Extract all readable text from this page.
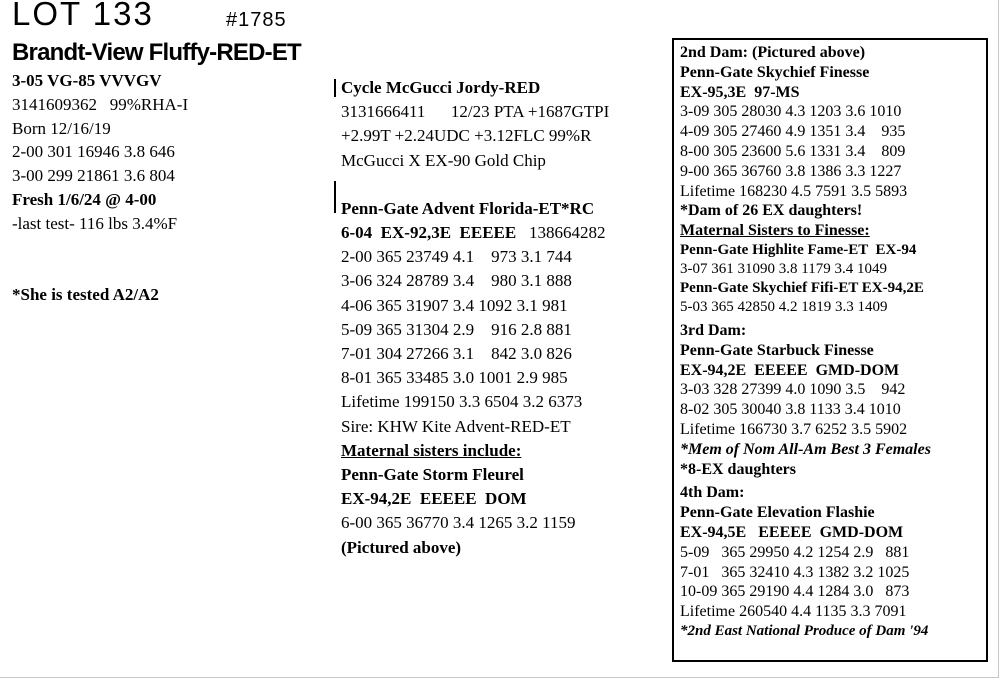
LOT 133	#1785
Brandt-View Fluffy-RED-ET
3-05 VG-85 VVVGV
3141609362   99%RHA-I
Born 12/16/19
2-00 301 16946 3.8 646
3-00 299 21861 3.6 804
Fresh 1/6/24 @ 4-00
-last test- 116 lbs 3.4%F
*She is tested A2/A2
Cycle McGucci Jordy-RED
3131666411      12/23 PTA +1687GTPI
+2.99T +2.24UDC +3.12FLC 99%R
McGucci X EX-90 Gold Chip
Penn-Gate Advent Florida-ET*RC
6-04  EX-92,3E  EEEEE 138664282
2-00 365 23749 4.1    973 3.1 744
3-06 324 28789 3.4    980 3.1 888
4-06 365 31907 3.4 1092 3.1 981
5-09 365 31304 2.9    916 2.8 881
7-01 304 27266 3.1    842 3.0 826
8-01 365 33485 3.0 1001 2.9 985
Lifetime 199150 3.3 6504 3.2 6373
Sire: KHW Kite Advent-RED-ET
Maternal sisters include:
Penn-Gate Storm Fleurel
EX-94,2E  EEEEE  DOM
6-00 365 36770 3.4 1265 3.2 1159
(Pictured above)
2nd Dam: (Pictured above)
Penn-Gate Skychief Finesse
EX-95,3E  97-MS
3-09 305 28030 4.3 1203 3.6 1010
4-09 305 27460 4.9 1351 3.4    935
8-00 305 23600 5.6 1331 3.4    809
9-00 365 36760 3.8 1386 3.3 1227
Lifetime 168230 4.5 7591 3.5 5893
*Dam of 26 EX daughters!
Maternal Sisters to Finesse:
Penn-Gate Highlite Fame-ET  EX-94
3-07 361 31090 3.8 1179 3.4 1049
Penn-Gate Skychief Fifi-ET EX-94,2E
5-03 365 42850 4.2 1819 3.3 1409
3rd Dam:
Penn-Gate Starbuck Finesse
EX-94,2E  EEEEE  GMD-DOM
3-03 328 27399 4.0 1090 3.5    942
8-02 305 30040 3.8 1133 3.4 1010
Lifetime 166730 3.7 6252 3.5 5902
*Mem of Nom All-Am Best 3 Females
*8-EX daughters
4th Dam:
Penn-Gate Elevation Flashie
EX-94,5E   EEEEE  GMD-DOM
5-09   365 29950 4.2 1254 2.9   881
7-01   365 32410 4.3 1382 3.2 1025
10-09 365 29190 4.4 1284 3.0   873
Lifetime 260540 4.4 1135 3.3 7091
*2nd East National Produce of Dam '94
